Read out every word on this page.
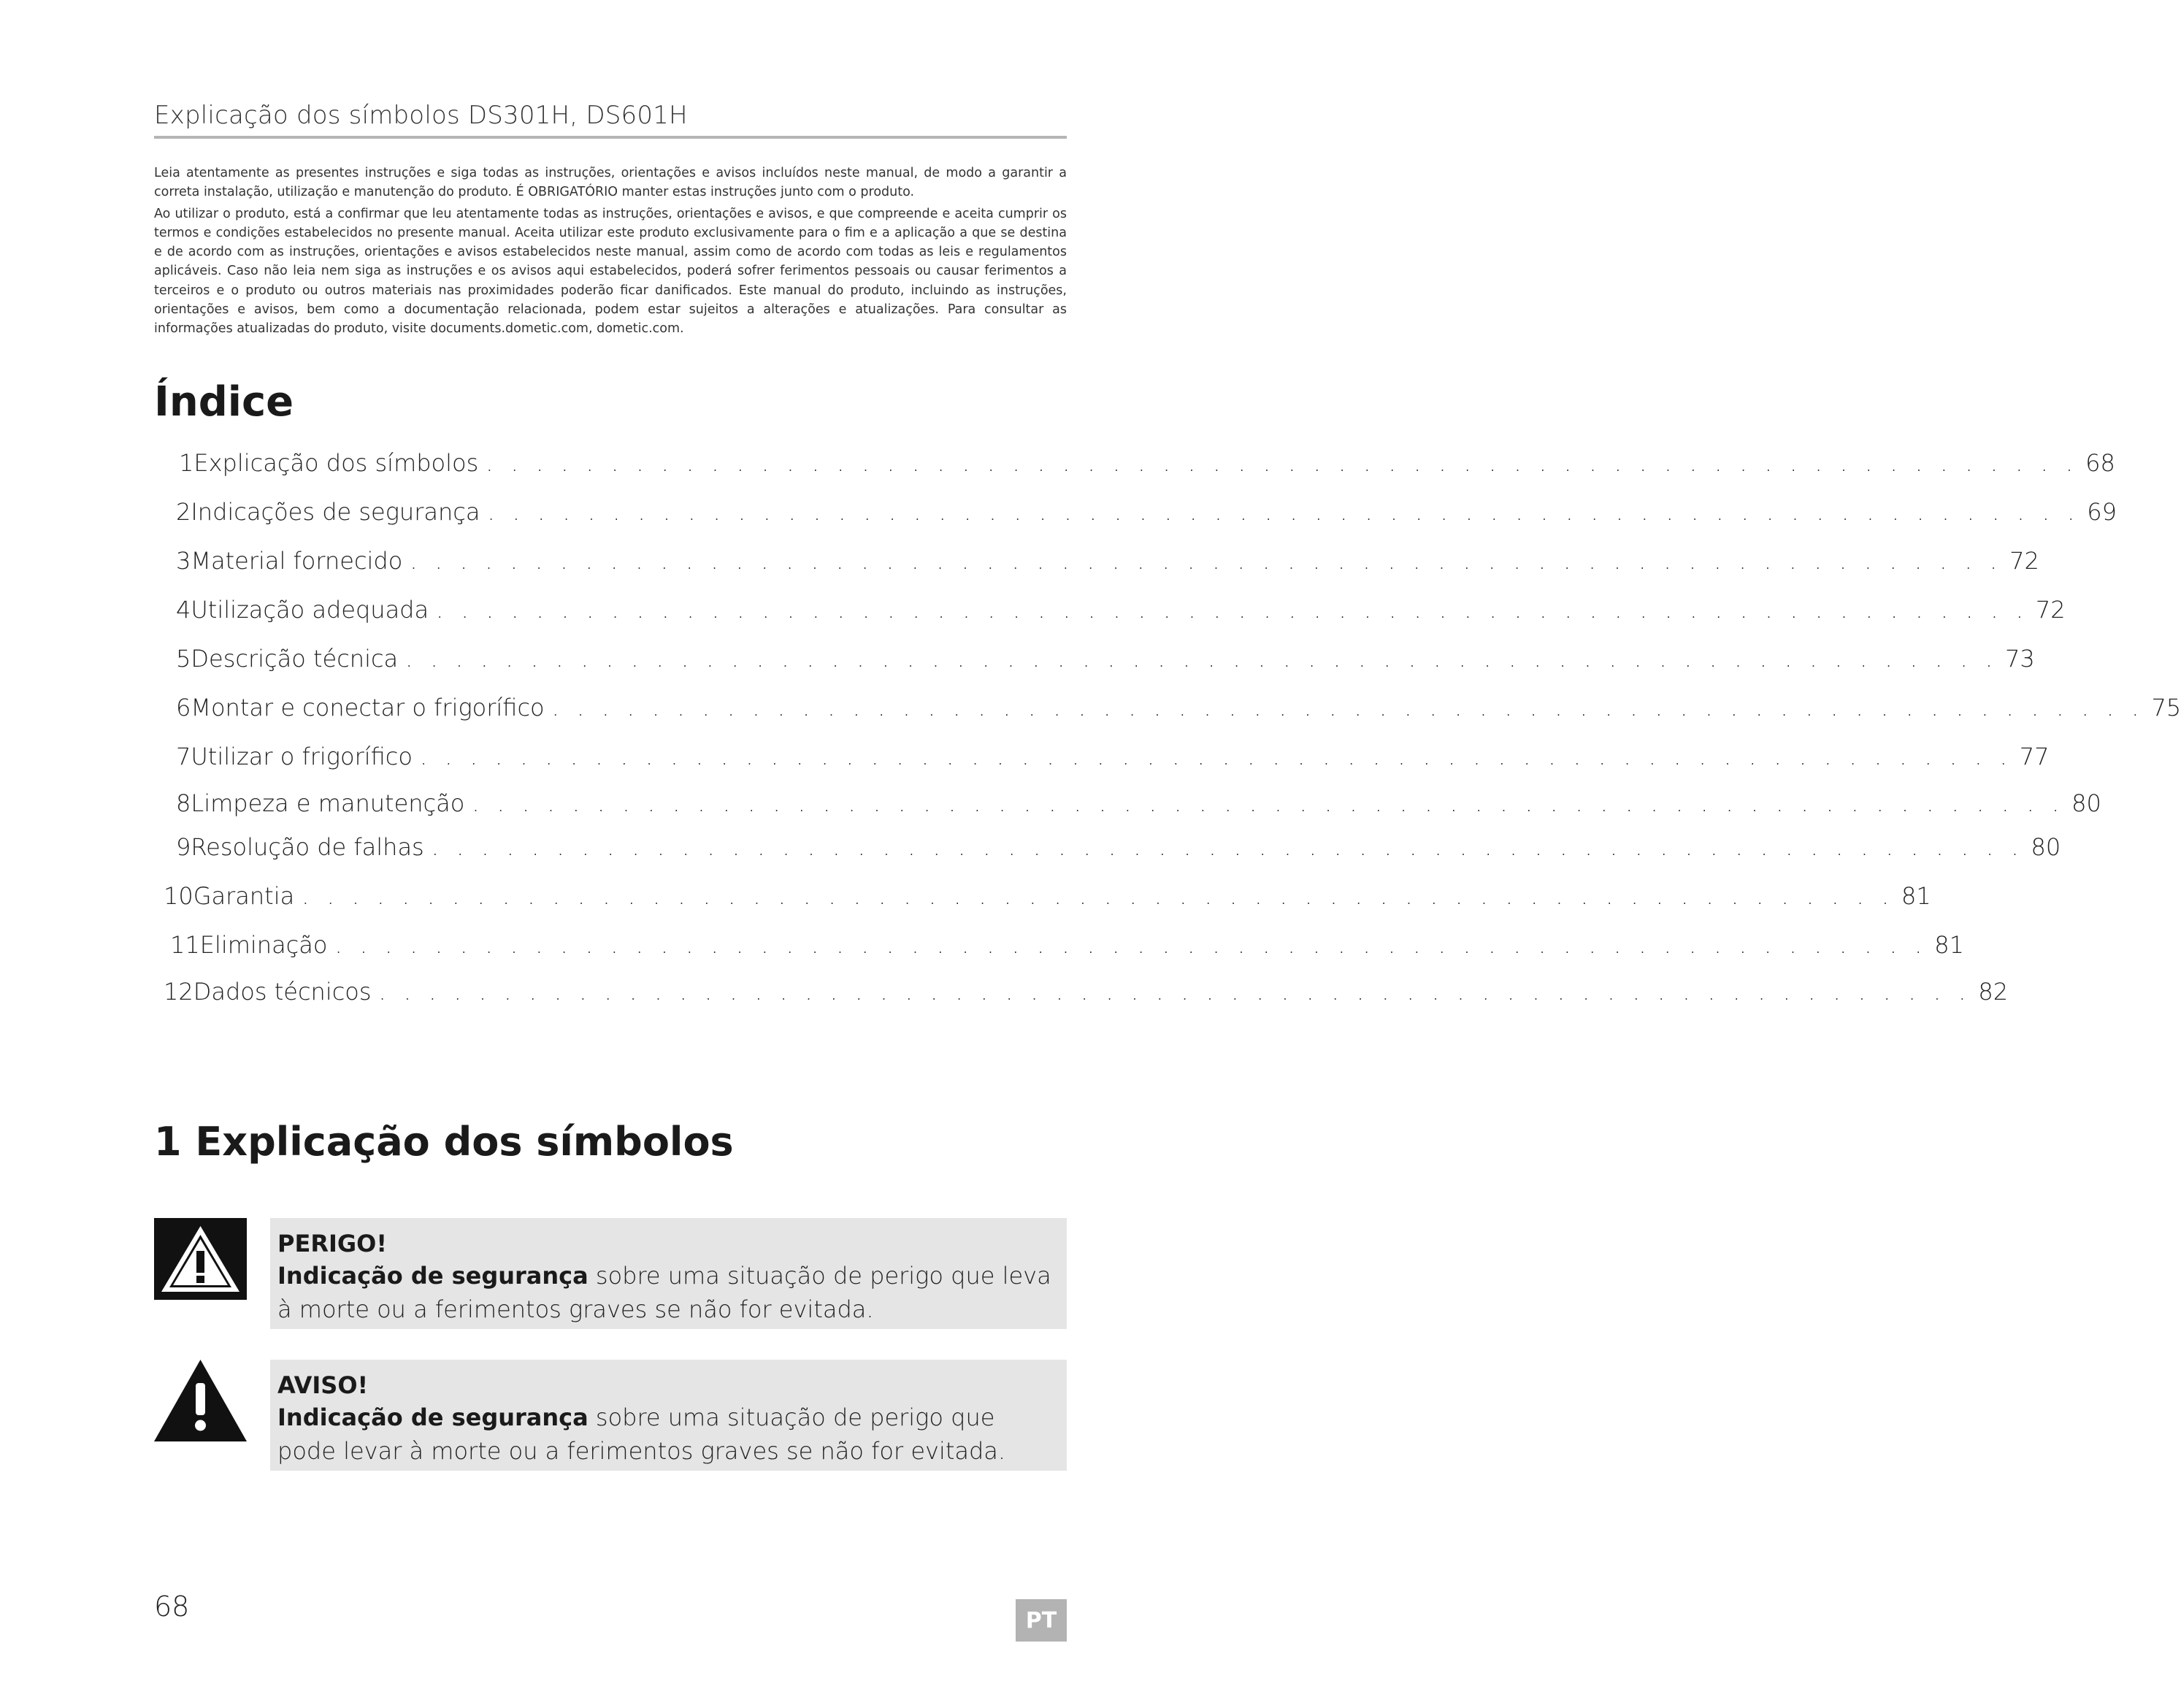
Explicação dos símbolos DS301H, DS601H

Leia atentamente as presentes instruções e siga todas as instruções, orientações e avisos incluídos neste manual, de modo a garantir a correta instalação, utilização e manutenção do produto. É OBRIGATÓRIO manter estas instruções junto com o produto.

Ao utilizar o produto, está a confirmar que leu atentamente todas as instruções, orientações e avisos, e que compreende e aceita cumprir os termos e condições estabelecidos no presente manual. Aceita utilizar este produto exclusivamente para o fim e a aplicação a que se destina e de acordo com as instruções, orientações e avisos estabelecidos neste manual, assim como de acordo com todas as leis e regulamentos aplicáveis. Caso não leia nem siga as instruções e os avisos aqui estabelecidos, poderá sofrer ferimentos pessoais ou causar ferimentos a terceiros e o produto ou outros materiais nas proximidades poderão ficar danificados. Este manual do produto, incluindo as instruções, orientações e avisos, bem como a documentação relacionada, podem estar sujeitos a alterações e atualizações. Para consultar as informações atualizadas do produto, visite documents.dometic.com, dometic.com.

Índice
1 Explicação dos símbolos . . . . . . . . . . . . . . . . . . . . . . . . . . . . . . . . . . . . . . . . . . . . . . . . . . . . . . . . . . . . . . . . 68
2 Indicações de segurança . . . . . . . . . . . . . . . . . . . . . . . . . . . . . . . . . . . . . . . . . . . . . . . . . . . . . . . . . . . . . . . . 69
3 Material fornecido . . . . . . . . . . . . . . . . . . . . . . . . . . . . . . . . . . . . . . . . . . . . . . . . . . . . . . . . . . . . . . . . 72
4 Utilização adequada . . . . . . . . . . . . . . . . . . . . . . . . . . . . . . . . . . . . . . . . . . . . . . . . . . . . . . . . . . . . . . . . 72
5 Descrição técnica . . . . . . . . . . . . . . . . . . . . . . . . . . . . . . . . . . . . . . . . . . . . . . . . . . . . . . . . . . . . . . . . 73
6 Montar e conectar o frigorífico . . . . . . . . . . . . . . . . . . . . . . . . . . . . . . . . . . . . . . . . . . . . . . . . . . . . . . . . . . . . . . . . 75
7 Utilizar o frigorífico . . . . . . . . . . . . . . . . . . . . . . . . . . . . . . . . . . . . . . . . . . . . . . . . . . . . . . . . . . . . . . . . 77
8 Limpeza e manutenção . . . . . . . . . . . . . . . . . . . . . . . . . . . . . . . . . . . . . . . . . . . . . . . . . . . . . . . . . . . . . . . . 80
9 Resolução de falhas . . . . . . . . . . . . . . . . . . . . . . . . . . . . . . . . . . . . . . . . . . . . . . . . . . . . . . . . . . . . . . . . 80
10 Garantia . . . . . . . . . . . . . . . . . . . . . . . . . . . . . . . . . . . . . . . . . . . . . . . . . . . . . . . . . . . . . . . . 81
11 Eliminação . . . . . . . . . . . . . . . . . . . . . . . . . . . . . . . . . . . . . . . . . . . . . . . . . . . . . . . . . . . . . . . . 81
12 Dados técnicos . . . . . . . . . . . . . . . . . . . . . . . . . . . . . . . . . . . . . . . . . . . . . . . . . . . . . . . . . . . . . . . . 82
1 Explicação dos símbolos
PERIGO!
Indicação de segurança sobre uma situação de perigo que leva à morte ou a ferimentos graves se não for evitada.
AVISO!
Indicação de segurança sobre uma situação de perigo que pode levar à morte ou a ferimentos graves se não for evitada.
68	PT
